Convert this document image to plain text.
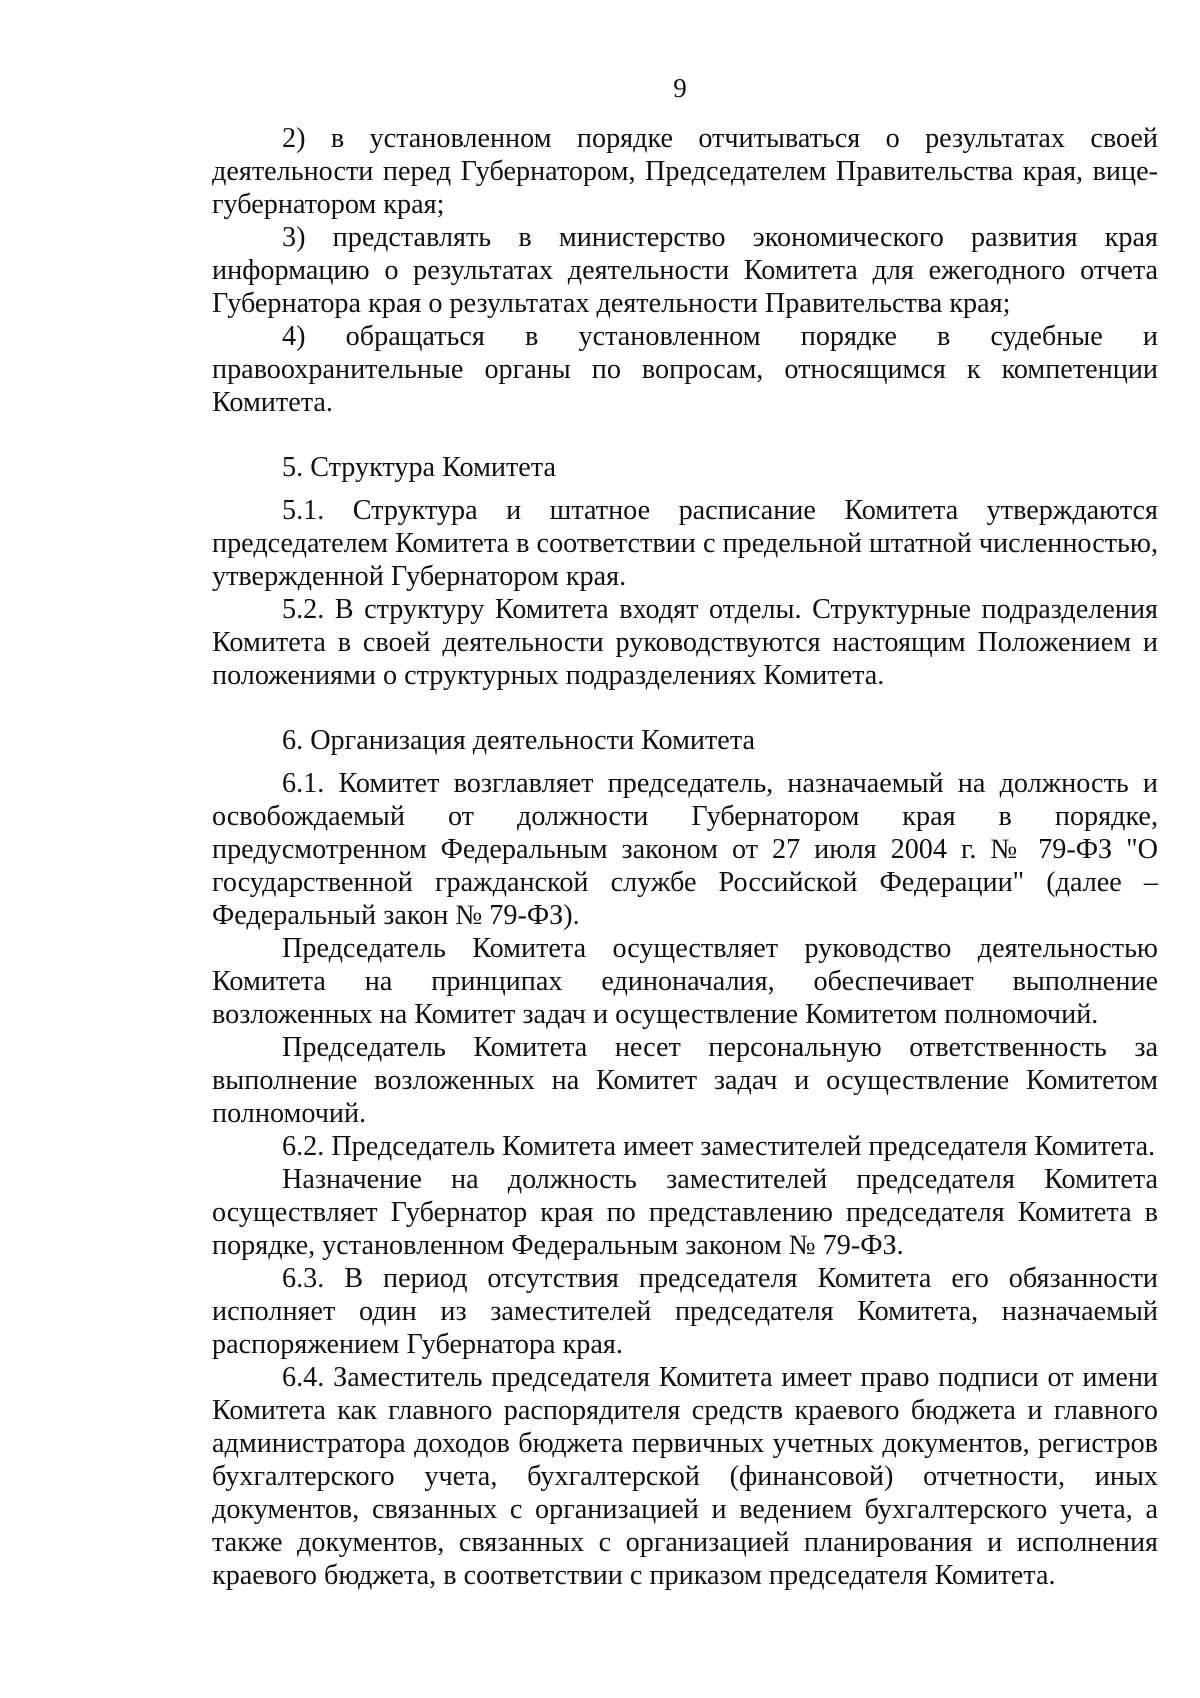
9

2) в установленном порядке отчитываться о результатах своей деятельности перед Губернатором, Председателем Правительства края, вице-губернатором края;

3) представлять в министерство экономического развития края информацию о результатах деятельности Комитета для ежегодного отчета Губернатора края о результатах деятельности Правительства края;

4) обращаться в установленном порядке в судебные и правоохранительные органы по вопросам, относящимся к компетенции Комитета.

5. Структура Комитета

5.1. Структура и штатное расписание Комитета утверждаются председателем Комитета в соответствии с предельной штатной численностью, утвержденной Губернатором края.

5.2. В структуру Комитета входят отделы. Структурные подразделения Комитета в своей деятельности руководствуются настоящим Положением и положениями о структурных подразделениях Комитета.

6. Организация деятельности Комитета

6.1. Комитет возглавляет председатель, назначаемый на должность и освобождаемый от должности Губернатором края в порядке, предусмотренном Федеральным законом от 27 июля 2004 г. № 79-ФЗ "О государственной гражданской службе Российской Федерации" (далее – Федеральный закон № 79-ФЗ).

Председатель Комитета осуществляет руководство деятельностью Комитета на принципах единоначалия, обеспечивает выполнение возложенных на Комитет задач и осуществление Комитетом полномочий.

Председатель Комитета несет персональную ответственность за выполнение возложенных на Комитет задач и осуществление Комитетом полномочий.

6.2. Председатель Комитета имеет заместителей председателя Комитета.

Назначение на должность заместителей председателя Комитета осуществляет Губернатор края по представлению председателя Комитета в порядке, установленном Федеральным законом № 79-ФЗ.

6.3. В период отсутствия председателя Комитета его обязанности исполняет один из заместителей председателя Комитета, назначаемый распоряжением Губернатора края.

6.4. Заместитель председателя Комитета имеет право подписи от имени Комитета как главного распорядителя средств краевого бюджета и главного администратора доходов бюджета первичных учетных документов, регистров бухгалтерского учета, бухгалтерской (финансовой) отчетности, иных документов, связанных с организацией и ведением бухгалтерского учета, а также документов, связанных с организацией планирования и исполнения краевого бюджета, в соответствии с приказом председателя Комитета.
